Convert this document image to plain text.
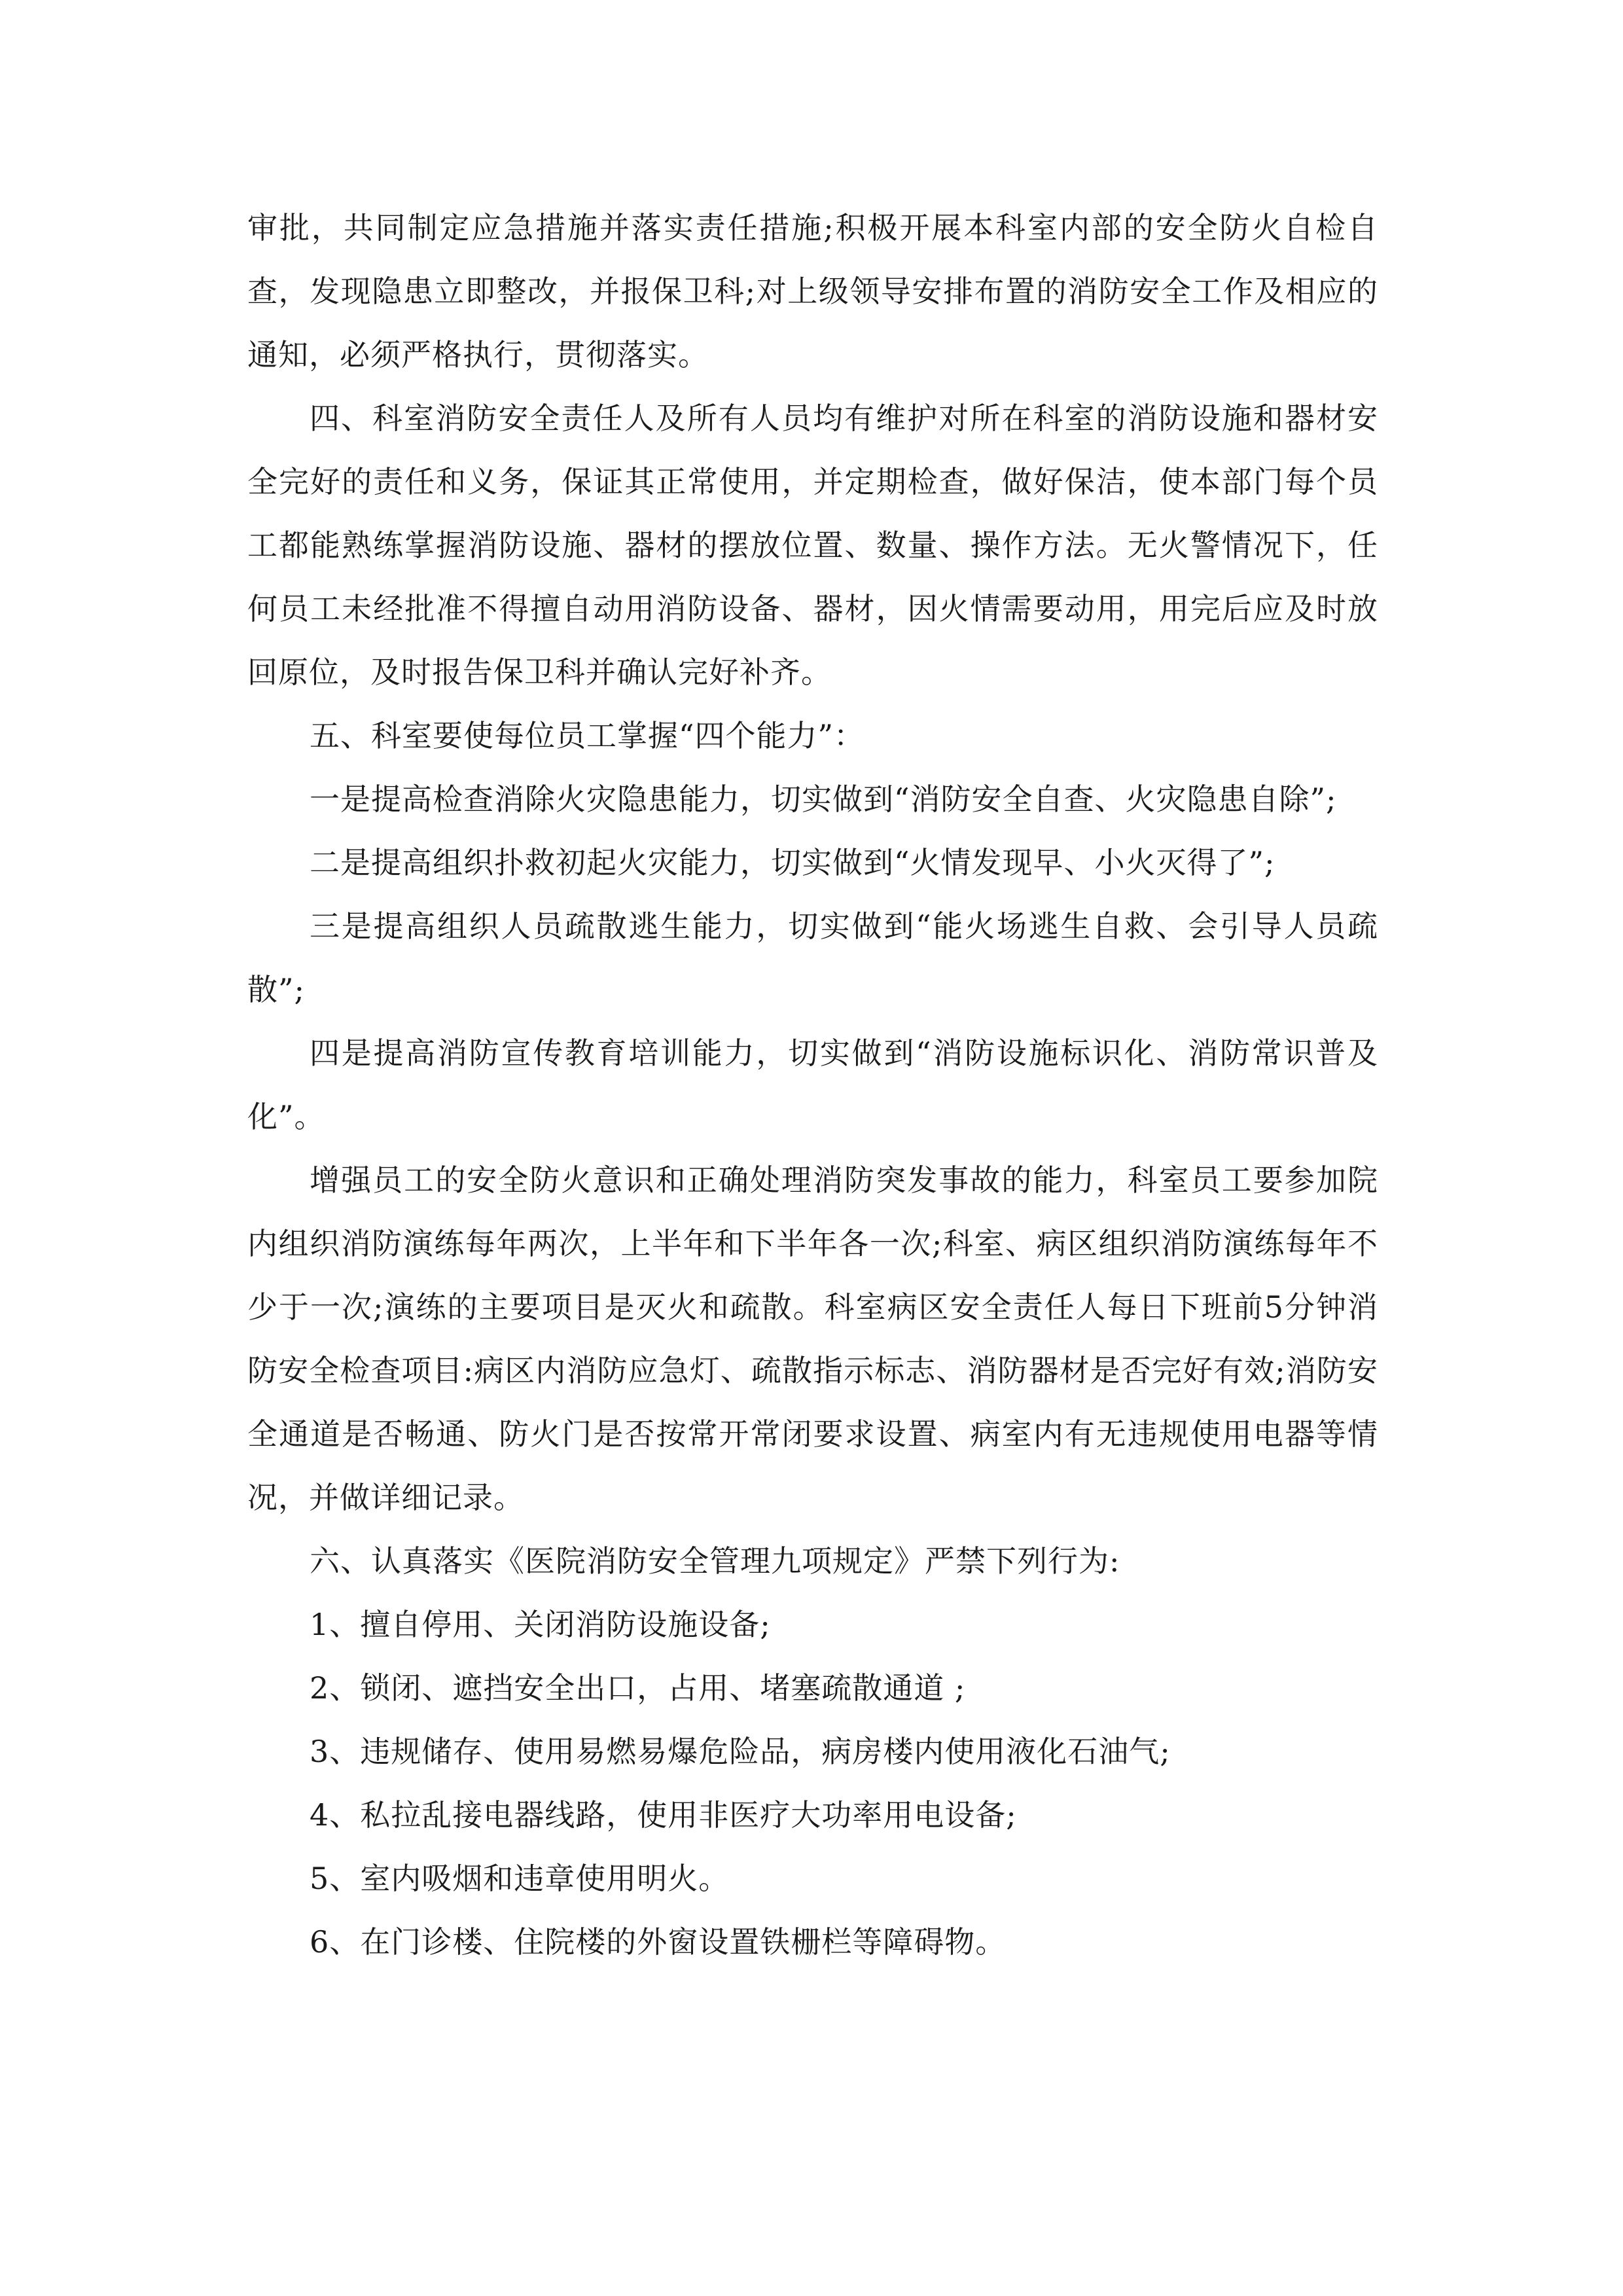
审批，共同制定应急措施并落实责任措施;积极开展本科室内部的安全防火自检自查，发现隐患立即整改，并报保卫科;对上级领导安排布置的消防安全工作及相应的通知，必须严格执行，贯彻落实。

四、科室消防安全责任人及所有人员均有维护对所在科室的消防设施和器材安全完好的责任和义务，保证其正常使用，并定期检查，做好保洁，使本部门每个员工都能熟练掌握消防设施、器材的摆放位置、数量、操作方法。无火警情况下，任何员工未经批准不得擅自动用消防设备、器材，因火情需要动用，用完后应及时放回原位，及时报告保卫科并确认完好补齐。

五、科室要使每位员工掌握“四个能力”：

一是提高检查消除火灾隐患能力，切实做到“消防安全自查、火灾隐患自除”;

二是提高组织扑救初起火灾能力，切实做到“火情发现早、小火灭得了”;

三是提高组织人员疏散逃生能力，切实做到“能火场逃生自救、会引导人员疏散”;

四是提高消防宣传教育培训能力，切实做到“消防设施标识化、消防常识普及化”。

增强员工的安全防火意识和正确处理消防突发事故的能力，科室员工要参加院内组织消防演练每年两次，上半年和下半年各一次;科室、病区组织消防演练每年不少于一次;演练的主要项目是灭火和疏散。科室病区安全责任人每日下班前5分钟消防安全检查项目:病区内消防应急灯、疏散指示标志、消防器材是否完好有效;消防安全通道是否畅通、防火门是否按常开常闭要求设置、病室内有无违规使用电器等情况，并做详细记录。

六、认真落实《医院消防安全管理九项规定》严禁下列行为:

1、擅自停用、关闭消防设施设备;

2、锁闭、遮挡安全出口，占用、堵塞疏散通道 ;

3、违规储存、使用易燃易爆危险品，病房楼内使用液化石油气;

4、私拉乱接电器线路，使用非医疗大功率用电设备;

5、室内吸烟和违章使用明火。

6、在门诊楼、住院楼的外窗设置铁栅栏等障碍物。
